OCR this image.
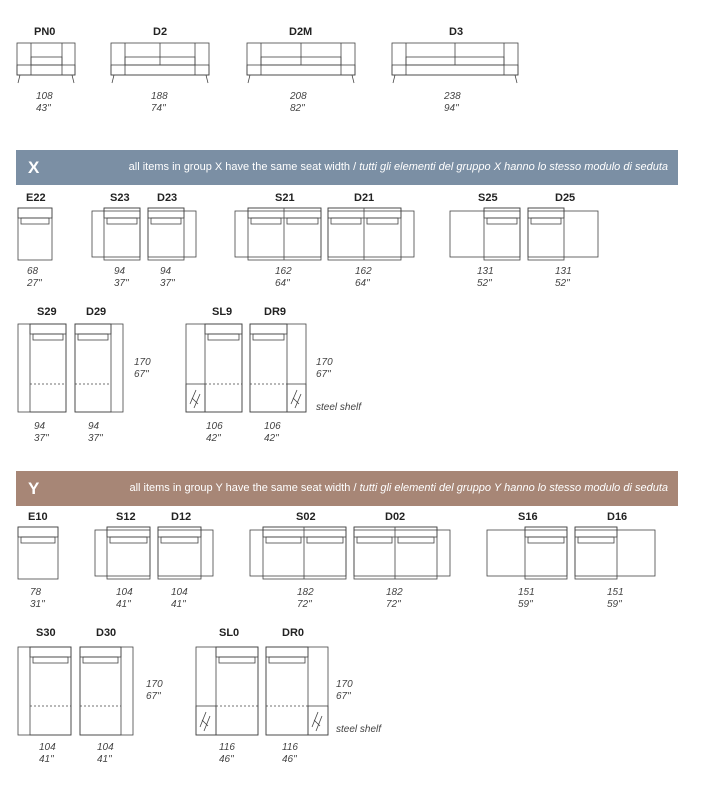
PN0	D2	D2M	D3
108
43"
188
74"
208
82"
238
94"
X	all items in group X have the same seat width / tutti gli elementi del gruppo X hanno lo stesso modulo di seduta
E22	S23 D23	S21	D21	S25	D25
68
27"
94
37"
94
37"
162
64"
162
64"
131
52"
131
52"
S29	D29	SL9	DR9
170
67"
170
67"
steel shelf
94
37"
94
37"
106
42"
106
42"
Y	all items in group Y have the same seat width / tutti gli elementi del gruppo Y hanno lo stesso modulo di seduta
E10	S12	D12	S02	D02	S16	D16
78
31"
104
41"
104
41"
182
72"
182
72"
151
59"
151
59"
S30	D30	SL0	DR0
170
67"
170
67"
steel shelf
104
41"
104
41"
116
46"
116
46"
